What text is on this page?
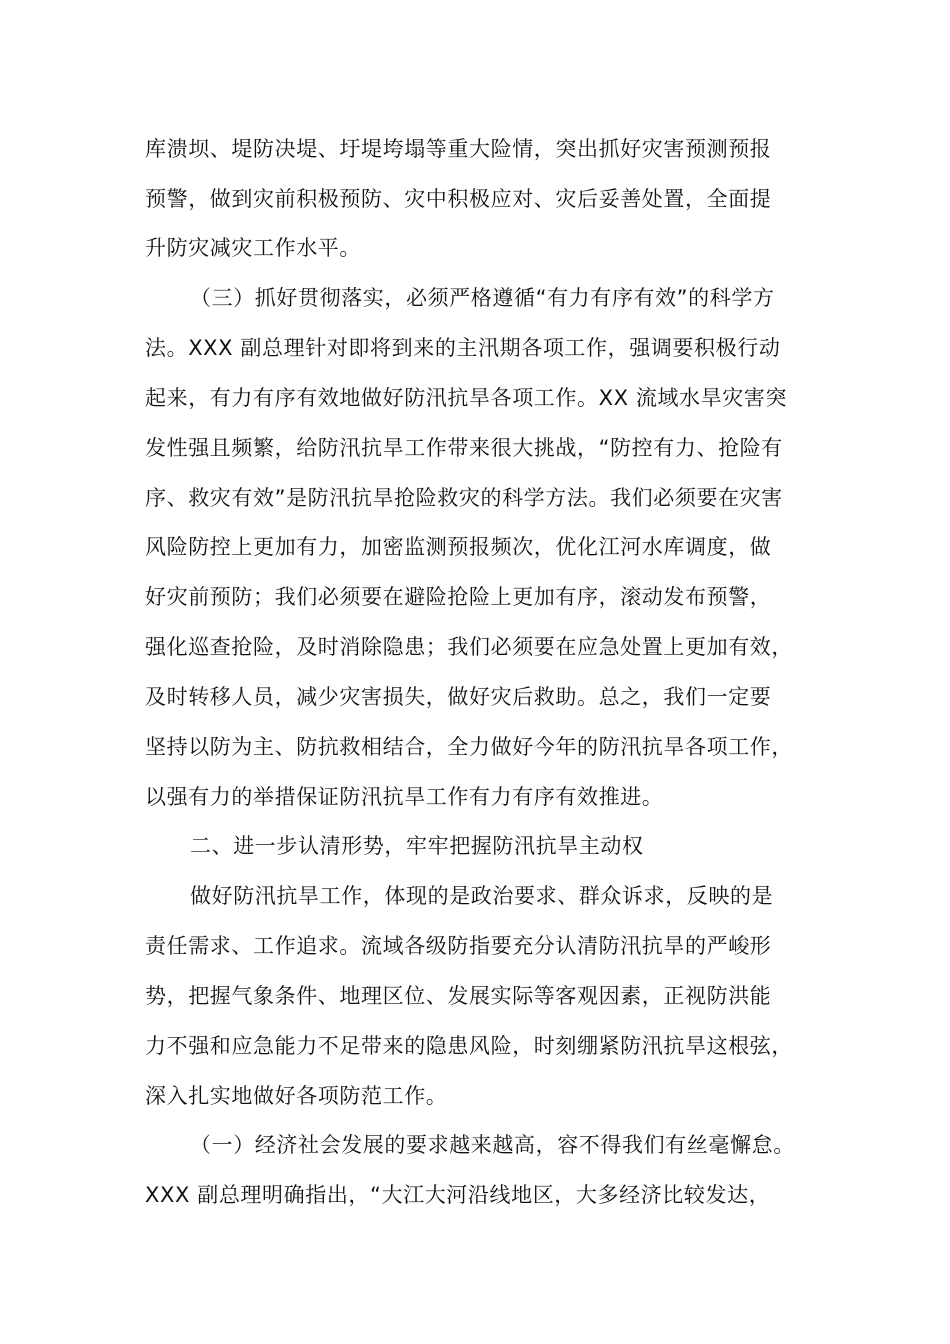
库溃坝、堤防决堤、圩堤垮塌等重大险情，突出抓好灾害预测预报
预警，做到灾前积极预防、灾中积极应对、灾后妥善处置，全面提
升防灾减灾工作水平。
（三）抓好贯彻落实，必须严格遵循“有力有序有效”的科学方
法。XXX 副总理针对即将到来的主汛期各项工作，强调要积极行动
起来，有力有序有效地做好防汛抗旱各项工作。XX 流域水旱灾害突
发性强且频繁，给防汛抗旱工作带来很大挑战，“防控有力、抢险有
序、救灾有效”是防汛抗旱抢险救灾的科学方法。我们必须要在灾害
风险防控上更加有力，加密监测预报频次，优化江河水库调度，做
好灾前预防；我们必须要在避险抢险上更加有序，滚动发布预警，
强化巡查抢险，及时消除隐患；我们必须要在应急处置上更加有效，
及时转移人员，减少灾害损失，做好灾后救助。总之，我们一定要
坚持以防为主、防抗救相结合，全力做好今年的防汛抗旱各项工作，
以强有力的举措保证防汛抗旱工作有力有序有效推进。
二、进一步认清形势，牢牢把握防汛抗旱主动权
做好防汛抗旱工作，体现的是政治要求、群众诉求，反映的是
责任需求、工作追求。流域各级防指要充分认清防汛抗旱的严峻形
势，把握气象条件、地理区位、发展实际等客观因素，正视防洪能
力不强和应急能力不足带来的隐患风险，时刻绷紧防汛抗旱这根弦，
深入扎实地做好各项防范工作。
（一）经济社会发展的要求越来越高，容不得我们有丝毫懈怠。
XXX 副总理明确指出，“大江大河沿线地区，大多经济比较发达，
